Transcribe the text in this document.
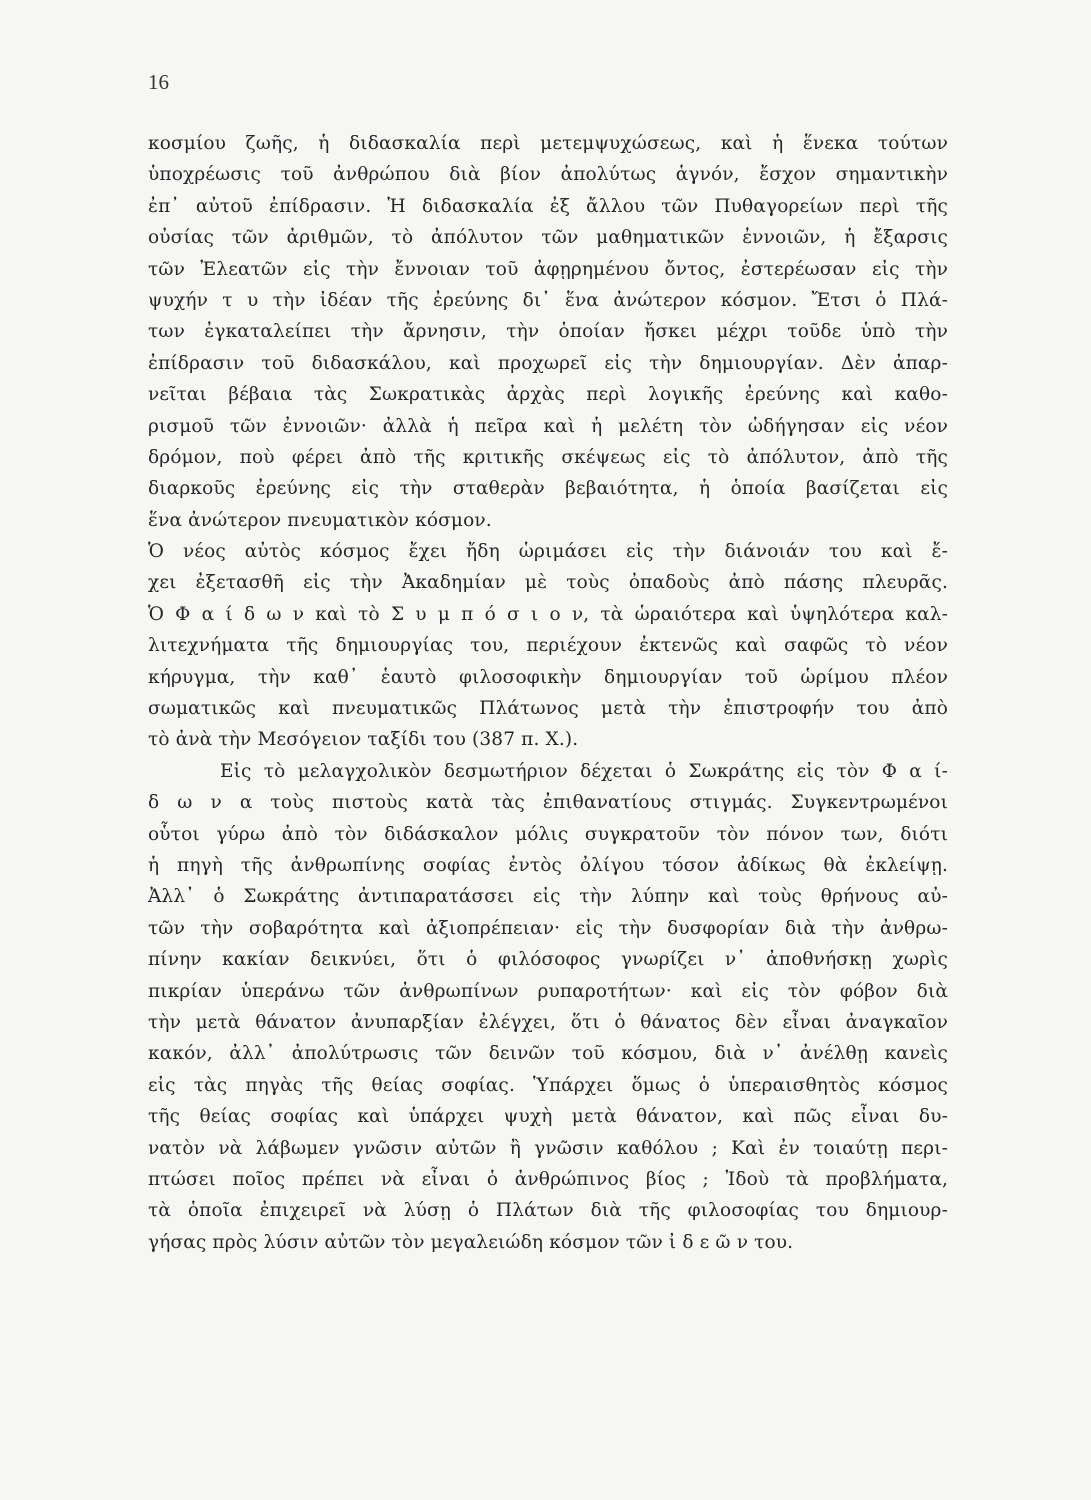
16
κοσμίου ζωῆς, ἡ διδασκαλία περὶ μετεμψυχώσεως, καὶ ἡ ἕνεκα τούτων
ὑποχρέωσις τοῦ ἀνθρώπου διὰ βίον ἀπολύτως ἁγνόν, ἔσχον σημαντικὴν
ἐπ᾽ αὐτοῦ ἐπίδρασιν. Ἡ διδασκαλία ἐξ ἄλλου τῶν Πυθαγορείων περὶ τῆς
οὐσίας τῶν ἀριθμῶν, τὸ ἀπόλυτον τῶν μαθηματικῶν ἐννοιῶν, ἡ ἔξαρσις
τῶν Ἐλεατῶν εἰς τὴν ἔννοιαν τοῦ ἀφῃρημένου ὄντος, ἐστερέωσαν εἰς τὴν
ψυχήν τ υ τὴν ἰδέαν τῆς ἐρεύνης δι᾽ ἕνα ἀνώτερον κόσμον. Ἔτσι ὁ Πλά-
των ἐγκαταλείπει τὴν ἄρνησιν, τὴν ὁποίαν ἤσκει μέχρι τοῦδε ὑπὸ τὴν
ἐπίδρασιν τοῦ διδασκάλου, καὶ προχωρεῖ εἰς τὴν δημιουργίαν. Δὲν ἀπαρ-
νεῖται βέβαια τὰς Σωκρατικὰς ἀρχὰς περὶ λογικῆς ἐρεύνης καὶ καθο-
ρισμοῦ τῶν ἐννοιῶν· ἀλλὰ ἡ πεῖρα καὶ ἡ μελέτη τὸν ὡδήγησαν εἰς νέον
δρόμον, ποὺ φέρει ἀπὸ τῆς κριτικῆς σκέψεως εἰς τὸ ἀπόλυτον, ἀπὸ τῆς
διαρκοῦς ἐρεύνης εἰς τὴν σταθερὰν βεβαιότητα, ἡ ὁποία βασίζεται εἰς
ἕνα ἀνώτερον πνευματικὸν κόσμον.
Ὁ νέος αὐτὸς κόσμος ἔχει ἤδη ὡριμάσει εἰς τὴν διάνοιάν του καὶ ἔ-
χει ἐξετασθῆ εἰς τὴν Ἀκαδημίαν μὲ τοὺς ὀπαδοὺς ἀπὸ πάσης πλευρᾶς.
Ὁ Φ α ί δ ω ν καὶ τὸ Σ υ μ π ό σ ι ο ν, τὰ ὡραιότερα καὶ ὑψηλότερα καλ-
λιτεχνήματα τῆς δημιουργίας του, περιέχουν ἐκτενῶς καὶ σαφῶς τὸ νέον
κήρυγμα, τὴν καθ᾽ ἑαυτὸ φιλοσοφικὴν δημιουργίαν τοῦ ὡρίμου πλέον
σωματικῶς καὶ πνευματικῶς Πλάτωνος μετὰ τὴν ἐπιστροφήν του ἀπὸ
τὸ ἀνὰ τὴν Μεσόγειον ταξίδι του (387 π. Χ.).
Εἰς τὸ μελαγχολικὸν δεσμωτήριον δέχεται ὁ Σωκράτης εἰς τὸν Φ α ί-
δ ω ν α τοὺς πιστοὺς κατὰ τὰς ἐπιθανατίους στιγμάς. Συγκεντρωμένοι
οὗτοι γύρω ἀπὸ τὸν διδάσκαλον μόλις συγκρατοῦν τὸν πόνον των, διότι
ἡ πηγὴ τῆς ἀνθρωπίνης σοφίας ἐντὸς ὀλίγου τόσον ἀδίκως θὰ ἐκλείψῃ.
Ἀλλ᾽ ὁ Σωκράτης ἀντιπαρατάσσει εἰς τὴν λύπην καὶ τοὺς θρήνους αὐ-
τῶν τὴν σοβαρότητα καὶ ἀξιοπρέπειαν· εἰς τὴν δυσφορίαν διὰ τὴν ἀνθρω-
πίνην κακίαν δεικνύει, ὅτι ὁ φιλόσοφος γνωρίζει ν᾽ ἀποθνήσκῃ χωρὶς
πικρίαν ὑπεράνω τῶν ἀνθρωπίνων ρυπαροτήτων· καὶ εἰς τὸν φόβον διὰ
τὴν μετὰ θάνατον ἀνυπαρξίαν ἐλέγχει, ὅτι ὁ θάνατος δὲν εἶναι ἀναγκαῖον
κακόν, ἀλλ᾽ ἀπολύτρωσις τῶν δεινῶν τοῦ κόσμου, διὰ ν᾽ ἀνέλθῃ κανεὶς
εἰς τὰς πηγὰς τῆς θείας σοφίας. Ὑπάρχει ὅμως ὁ ὑπεραισθητὸς κόσμος
τῆς θείας σοφίας καὶ ὑπάρχει ψυχὴ μετὰ θάνατον, καὶ πῶς εἶναι δυ-
νατὸν νὰ λάβωμεν γνῶσιν αὐτῶν ἢ γνῶσιν καθόλου ; Καὶ ἐν τοιαύτῃ περι-
πτώσει ποῖος πρέπει νὰ εἶναι ὁ ἀνθρώπινος βίος ; Ἰδοὺ τὰ προβλήματα,
τὰ ὁποῖα ἐπιχειρεῖ νὰ λύσῃ ὁ Πλάτων διὰ τῆς φιλοσοφίας του δημιουρ-
γήσας πρὸς λύσιν αὐτῶν τὸν μεγαλειώδη κόσμον τῶν ἰ δ ε ῶ ν του.
